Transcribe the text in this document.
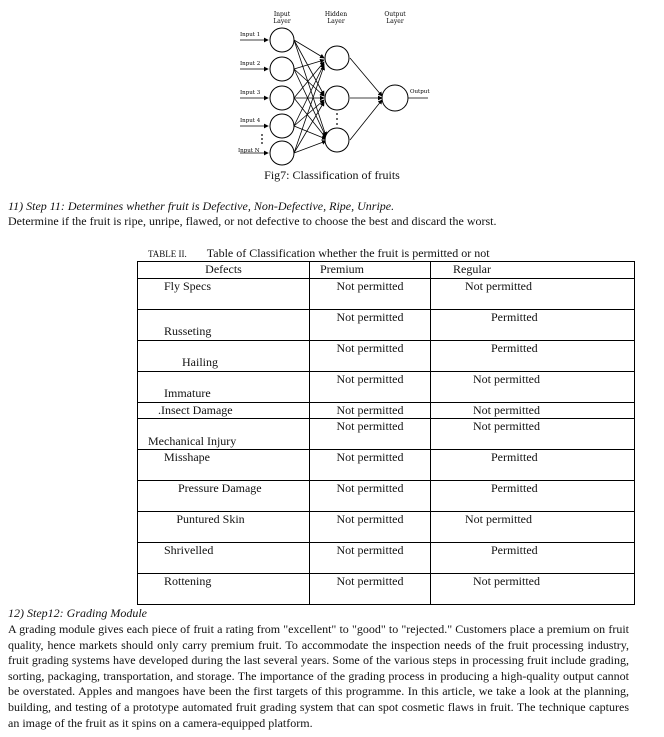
Input
Layer
Hidden
Layer
Output
Layer
Input 1
Input 2
Input 3
Input 4
Input N
Output
Fig7: Classification of fruits
11) Step 11: Determines whether fruit is Defective, Non-Defective, Ripe, Unripe.
Determine if the fruit is ripe, unripe, flawed, or not defective to choose the best and discard the worst.
TABLE II. Table of Classification whether the fruit is permitted or not
Defects	Premium	Regular
Fly Specs	Not permitted	Not permitted
Russeting	Not permitted	Permitted
Hailing	Not permitted	Permitted
Immature	Not permitted	Not permitted
.Insect Damage	Not permitted	Not permitted
Mechanical Injury	Not permitted	Not permitted
Misshape	Not permitted	Permitted
Pressure Damage	Not permitted	Permitted
Puntured Skin	Not permitted	Not permitted
Shrivelled	Not permitted	Permitted
Rottening	Not permitted	Not permitted
12) Step12: Grading Module
A grading module gives each piece of fruit a rating from "excellent" to "good" to "rejected." Customers place a premium on fruit quality, hence markets should only carry premium fruit. To accommodate the inspection needs of the fruit processing industry, fruit grading systems have developed during the last several years. Some of the various steps in processing fruit include grading, sorting, packaging, transportation, and storage. The importance of the grading process in producing a high-quality output cannot be overstated. Apples and mangoes have been the first targets of this programme. In this article, we take a look at the planning, building, and testing of a prototype automated fruit grading system that can spot cosmetic flaws in fruit. The technique captures an image of the fruit as it spins on a camera-equipped platform.
